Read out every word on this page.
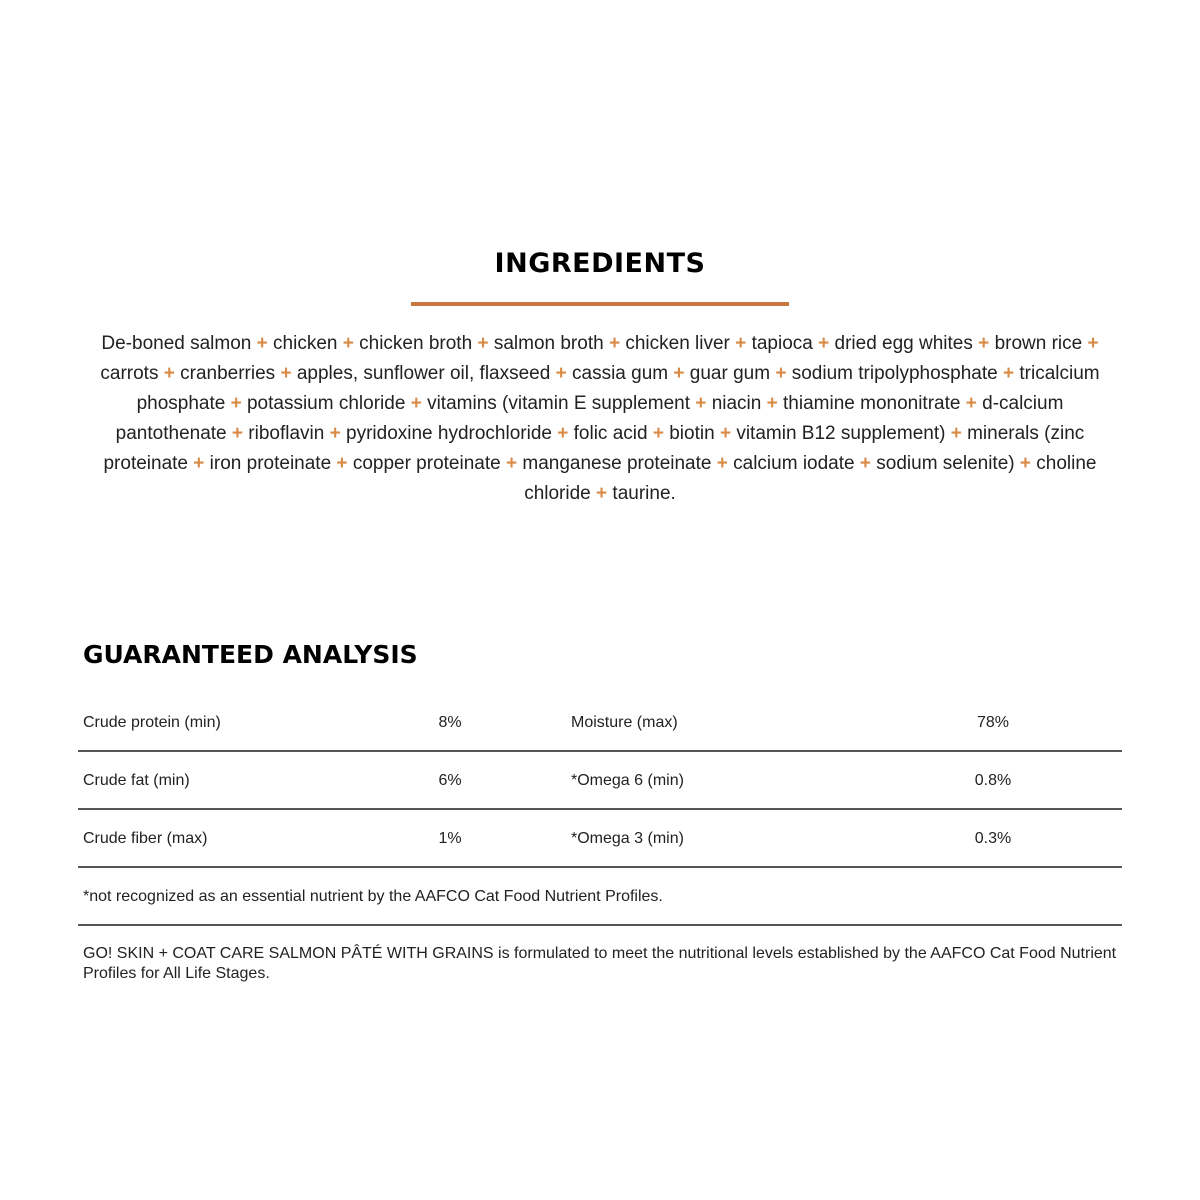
INGREDIENTS
De-boned salmon + chicken + chicken broth + salmon broth + chicken liver + tapioca + dried egg whites + brown rice + carrots + cranberries + apples, sunflower oil, flaxseed + cassia gum + guar gum + sodium tripolyphosphate + tricalcium phosphate + potassium chloride + vitamins (vitamin E supplement + niacin + thiamine mononitrate + d-calcium pantothenate + riboflavin + pyridoxine hydrochloride + folic acid + biotin + vitamin B12 supplement) + minerals (zinc proteinate + iron proteinate + copper proteinate + manganese proteinate + calcium iodate + sodium selenite) + choline chloride + taurine.
GUARANTEED ANALYSIS
Crude protein (min)	8%	Moisture (max)	78%
Crude fat (min)	6%	*Omega 6 (min)	0.8%
Crude fiber (max)	1%	*Omega 3 (min)	0.3%
*not recognized as an essential nutrient by the AAFCO Cat Food Nutrient Profiles.
GO! SKIN + COAT CARE SALMON PÂTÉ WITH GRAINS is formulated to meet the nutritional levels established by the AAFCO Cat Food Nutrient Profiles for All Life Stages.
